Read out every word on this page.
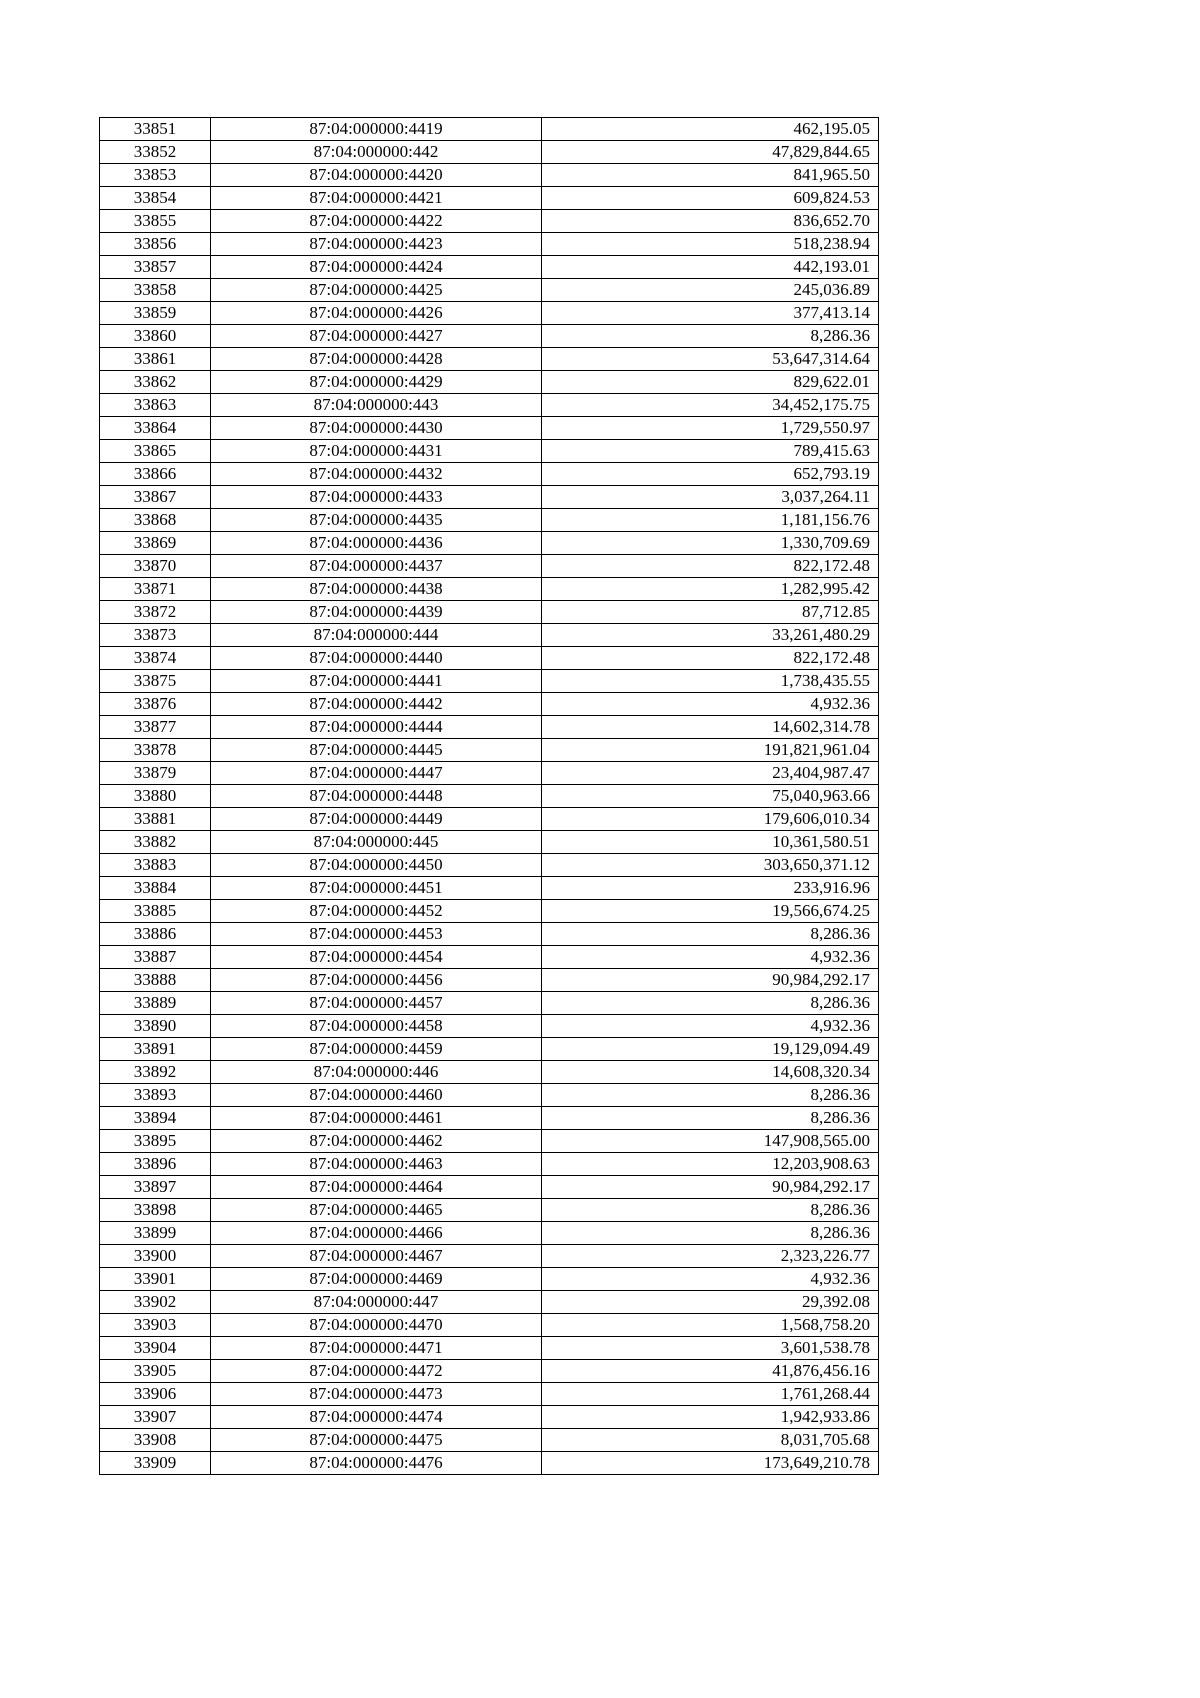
33851	87:04:000000:4419	462,195.05
33852	87:04:000000:442	47,829,844.65
33853	87:04:000000:4420	841,965.50
33854	87:04:000000:4421	609,824.53
33855	87:04:000000:4422	836,652.70
33856	87:04:000000:4423	518,238.94
33857	87:04:000000:4424	442,193.01
33858	87:04:000000:4425	245,036.89
33859	87:04:000000:4426	377,413.14
33860	87:04:000000:4427	8,286.36
33861	87:04:000000:4428	53,647,314.64
33862	87:04:000000:4429	829,622.01
33863	87:04:000000:443	34,452,175.75
33864	87:04:000000:4430	1,729,550.97
33865	87:04:000000:4431	789,415.63
33866	87:04:000000:4432	652,793.19
33867	87:04:000000:4433	3,037,264.11
33868	87:04:000000:4435	1,181,156.76
33869	87:04:000000:4436	1,330,709.69
33870	87:04:000000:4437	822,172.48
33871	87:04:000000:4438	1,282,995.42
33872	87:04:000000:4439	87,712.85
33873	87:04:000000:444	33,261,480.29
33874	87:04:000000:4440	822,172.48
33875	87:04:000000:4441	1,738,435.55
33876	87:04:000000:4442	4,932.36
33877	87:04:000000:4444	14,602,314.78
33878	87:04:000000:4445	191,821,961.04
33879	87:04:000000:4447	23,404,987.47
33880	87:04:000000:4448	75,040,963.66
33881	87:04:000000:4449	179,606,010.34
33882	87:04:000000:445	10,361,580.51
33883	87:04:000000:4450	303,650,371.12
33884	87:04:000000:4451	233,916.96
33885	87:04:000000:4452	19,566,674.25
33886	87:04:000000:4453	8,286.36
33887	87:04:000000:4454	4,932.36
33888	87:04:000000:4456	90,984,292.17
33889	87:04:000000:4457	8,286.36
33890	87:04:000000:4458	4,932.36
33891	87:04:000000:4459	19,129,094.49
33892	87:04:000000:446	14,608,320.34
33893	87:04:000000:4460	8,286.36
33894	87:04:000000:4461	8,286.36
33895	87:04:000000:4462	147,908,565.00
33896	87:04:000000:4463	12,203,908.63
33897	87:04:000000:4464	90,984,292.17
33898	87:04:000000:4465	8,286.36
33899	87:04:000000:4466	8,286.36
33900	87:04:000000:4467	2,323,226.77
33901	87:04:000000:4469	4,932.36
33902	87:04:000000:447	29,392.08
33903	87:04:000000:4470	1,568,758.20
33904	87:04:000000:4471	3,601,538.78
33905	87:04:000000:4472	41,876,456.16
33906	87:04:000000:4473	1,761,268.44
33907	87:04:000000:4474	1,942,933.86
33908	87:04:000000:4475	8,031,705.68
33909	87:04:000000:4476	173,649,210.78
